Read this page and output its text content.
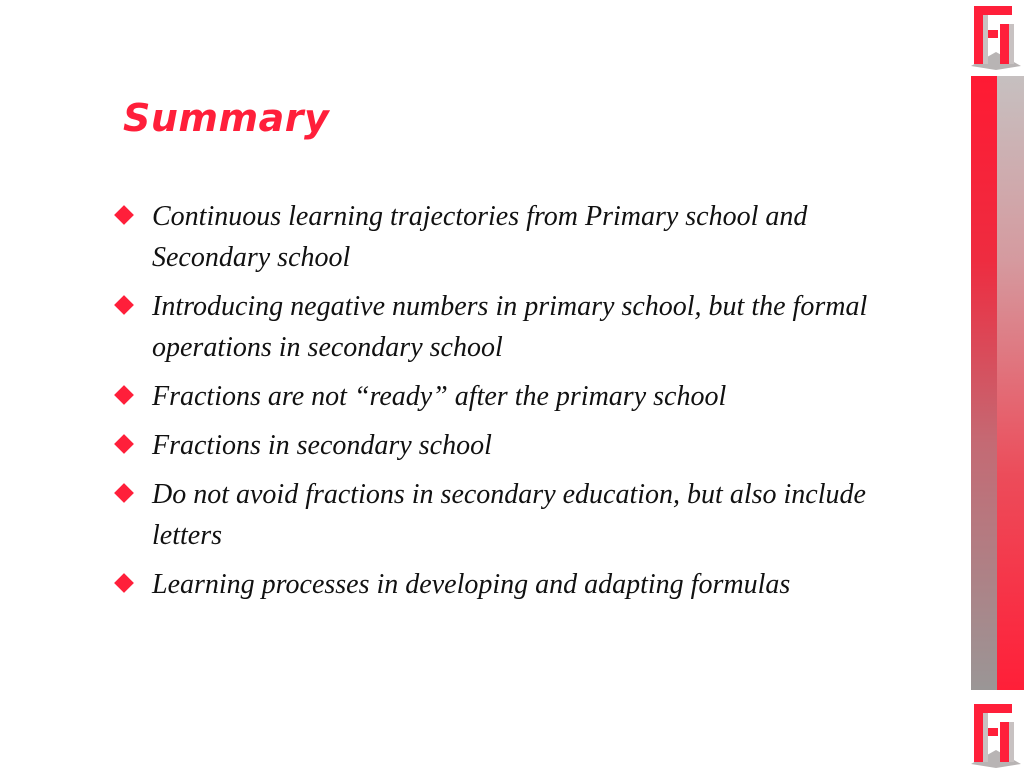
Summary
Continuous learning trajectories from Primary school and Secondary school
Introducing negative numbers in primary school, but the formal operations in secondary school
Fractions are not “ready” after the primary school
Fractions in secondary school
Do not avoid fractions in secondary education, but also include letters
Learning processes in developing and adapting formulas
